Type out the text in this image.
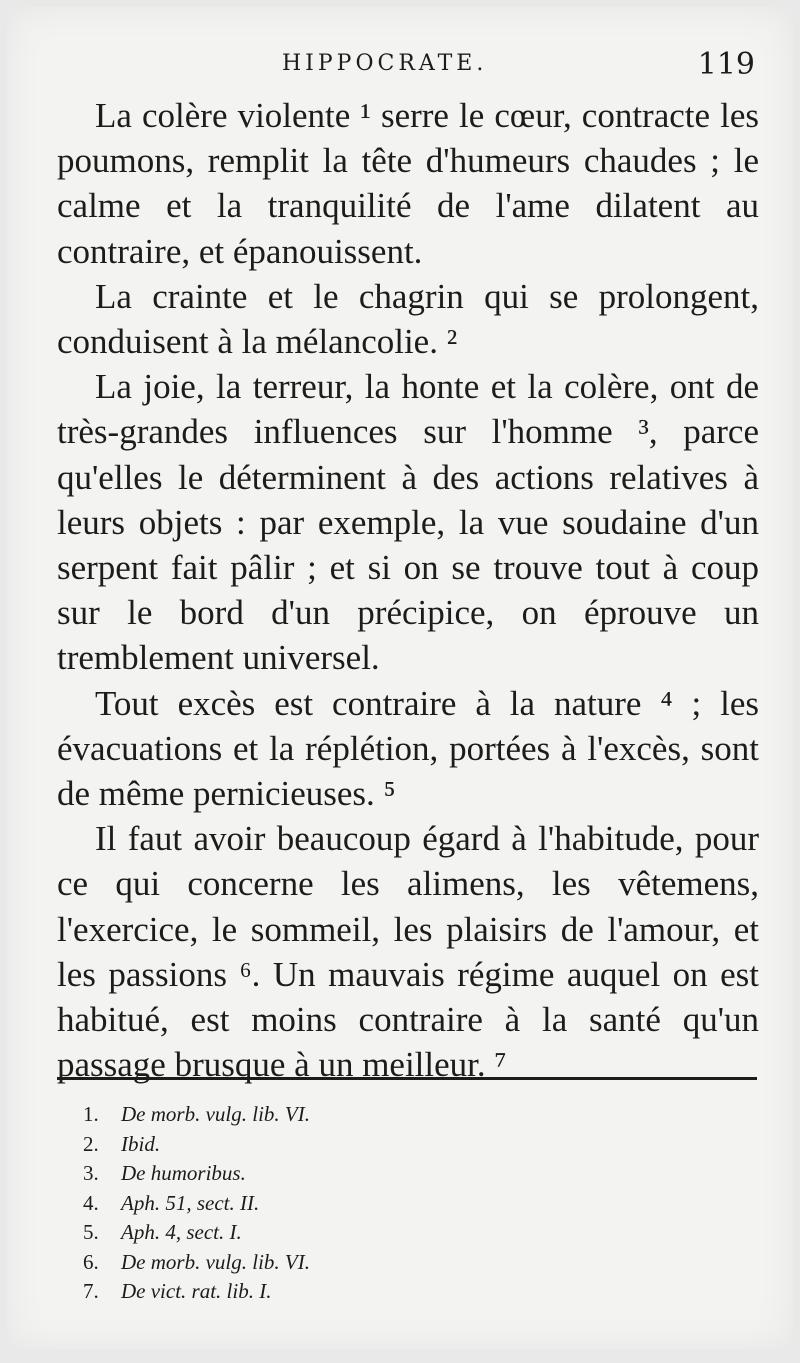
HIPPOCRATE.	119

La colère violente ¹ serre le cœur, contracte les poumons, remplit la tête d'humeurs chaudes ; le calme et la tranquilité de l'ame dilatent au contraire, et épanouissent.

La crainte et le chagrin qui se prolongent, conduisent à la mélancolie. ²

La joie, la terreur, la honte et la colère, ont de très-grandes influences sur l'homme ³, parce qu'elles le déterminent à des actions relatives à leurs objets : par exemple, la vue soudaine d'un serpent fait pâlir ; et si on se trouve tout à coup sur le bord d'un précipice, on éprouve un tremblement universel.

Tout excès est contraire à la nature ⁴ ; les évacuations et la réplétion, portées à l'excès, sont de même pernicieuses. ⁵

Il faut avoir beaucoup égard à l'habitude, pour ce qui concerne les alimens, les vêtemens, l'exercice, le sommeil, les plaisirs de l'amour, et les passions ⁶. Un mauvais régime auquel on est habitué, est moins contraire à la santé qu'un passage brusque à un meilleur. ⁷

1.	De morb. vulg. lib. VI.
2.	Ibid.
3.	De humoribus.
4.	Aph. 51, sect. II.
5.	Aph. 4, sect. I.
6.	De morb. vulg. lib. VI.
7.	De vict. rat. lib. I.
